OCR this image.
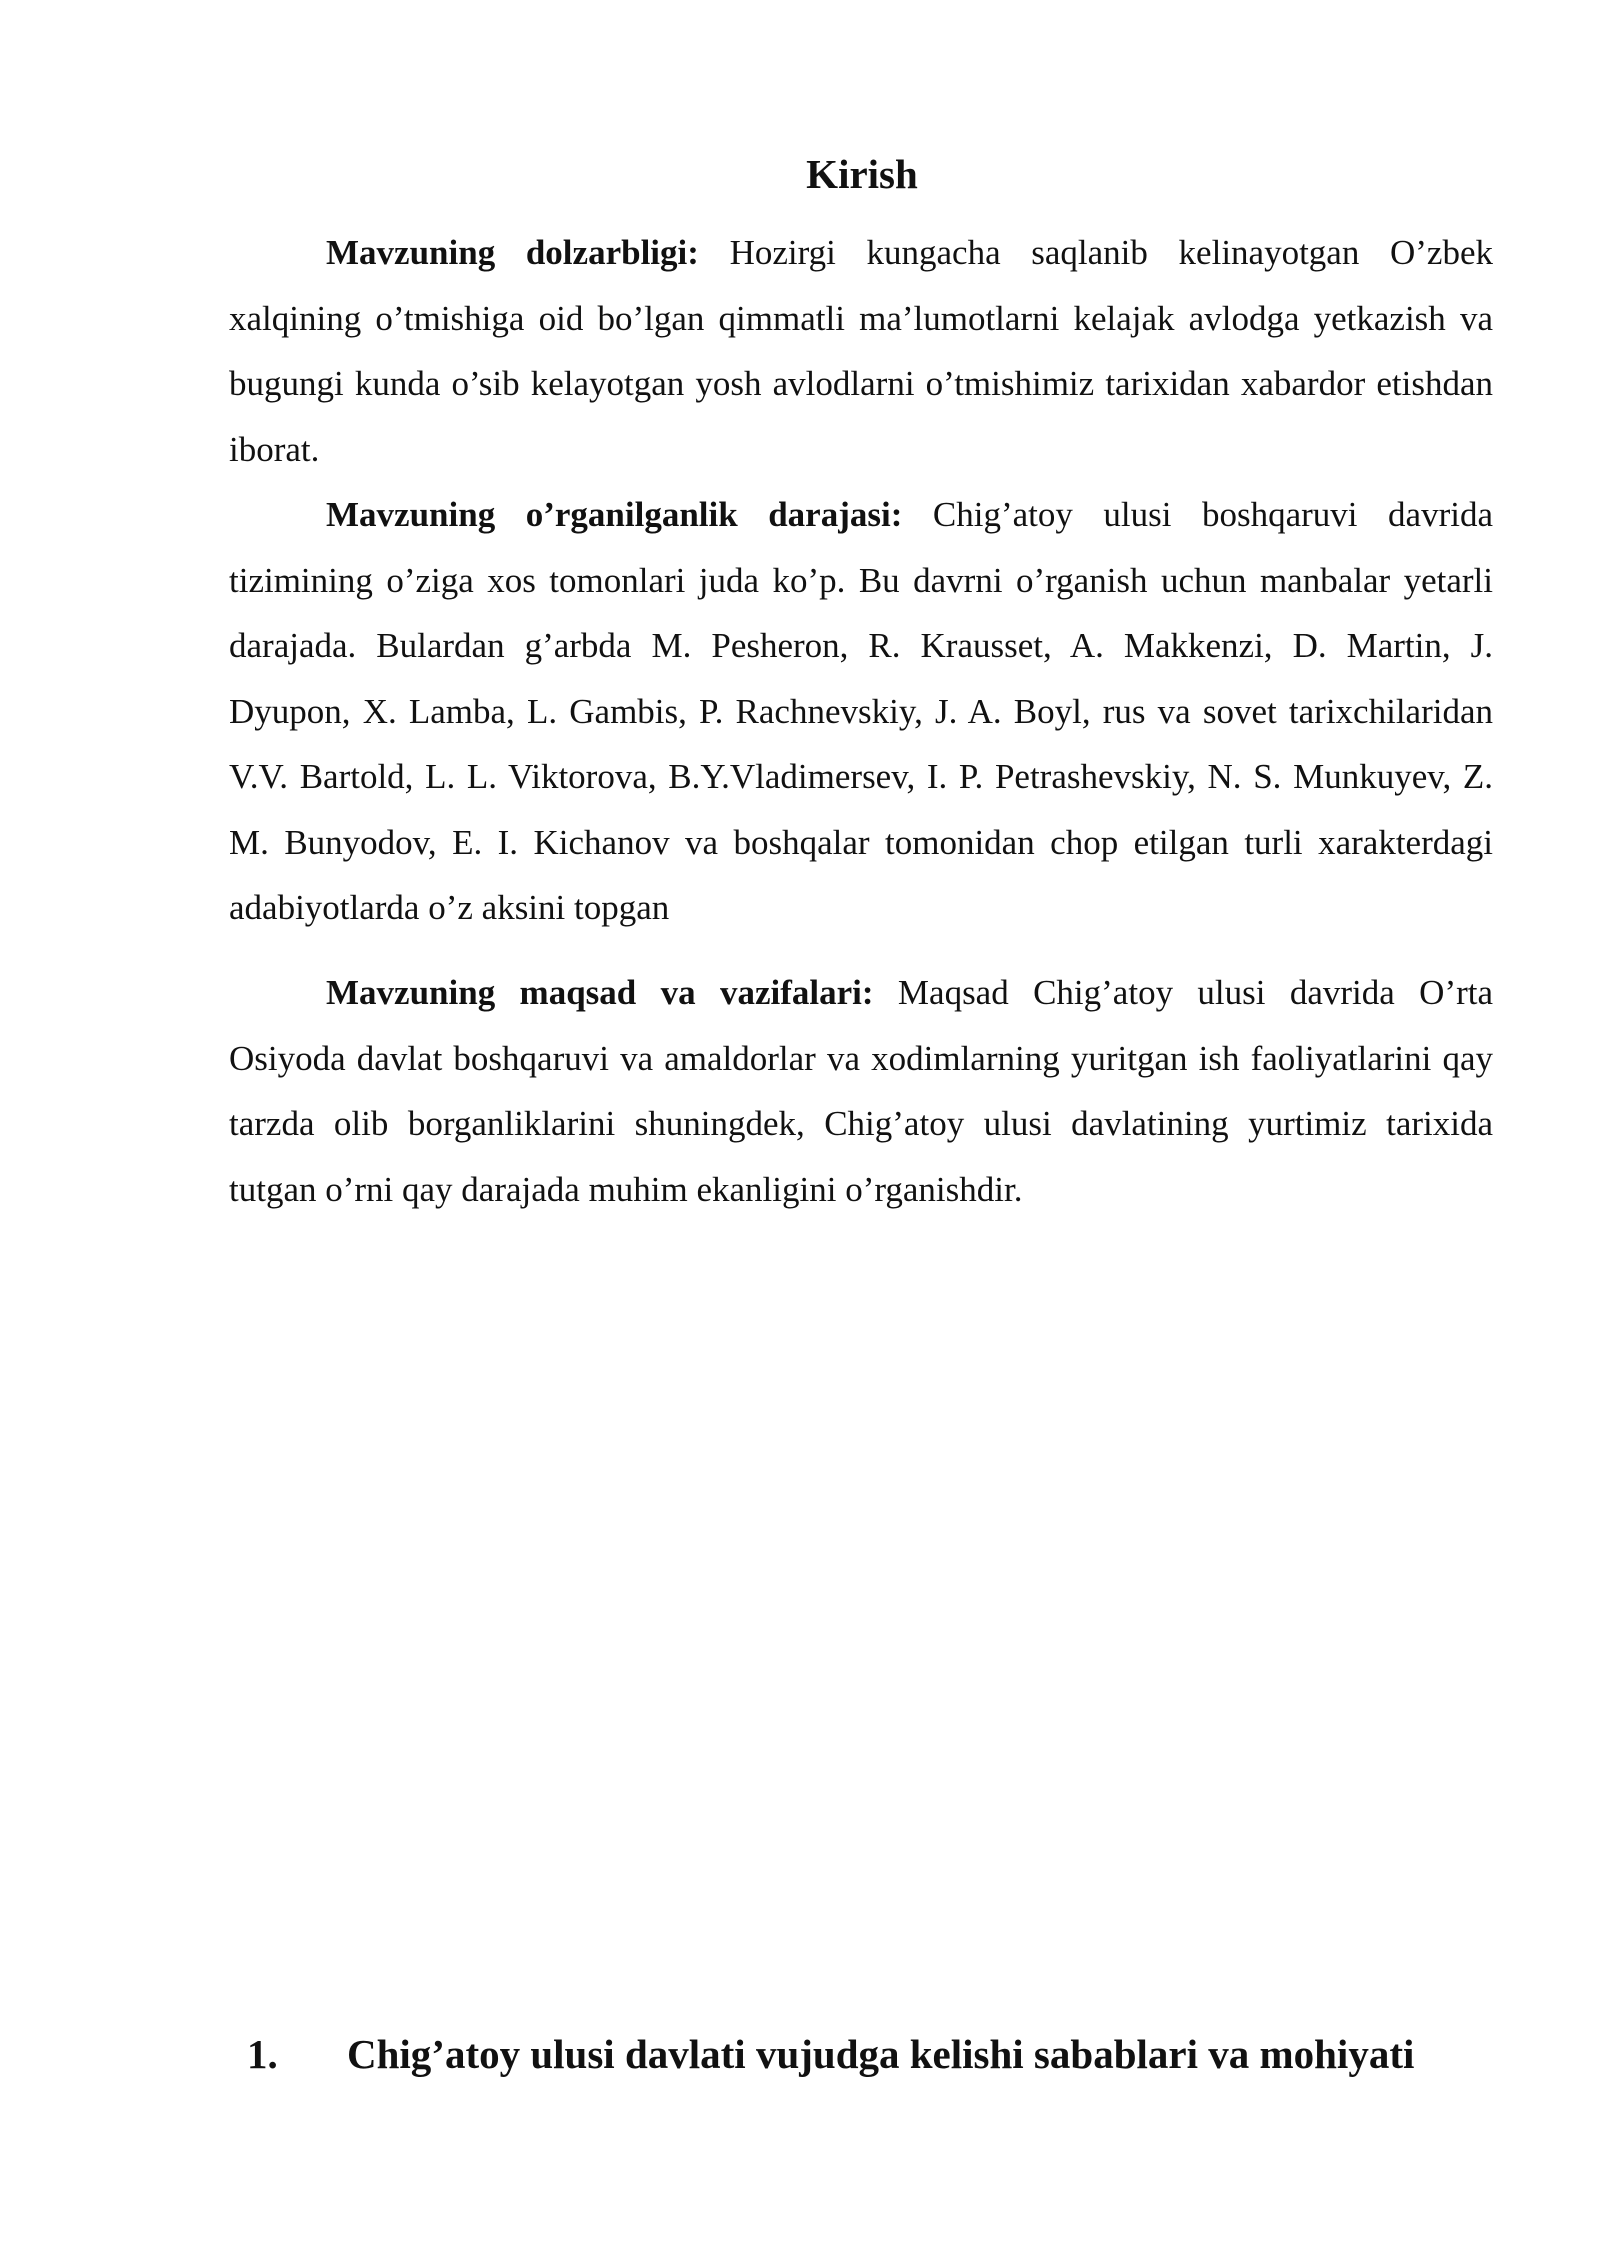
Kirish

Mavzuning dolzarbligi: Hozirgi kungacha saqlanib kelinayotgan O’zbek xalqining o’tmishiga oid bo’lgan qimmatli ma’lumotlarni kelajak avlodga yetkazish va bugungi kunda o’sib kelayotgan yosh avlodlarni o’tmishimiz tarixidan xabardor etishdan iborat.

Mavzuning o’rganilganlik darajasi: Chig’atoy ulusi boshqaruvi davrida tizimining o’ziga xos tomonlari juda ko’p. Bu davrni o’rganish uchun manbalar yetarli darajada. Bulardan g’arbda M. Pesheron, R. Krausset, A. Makkenzi, D. Martin, J. Dyupon, X. Lamba, L. Gambis, P. Rachnevskiy, J. A. Boyl, rus va sovet tarixchilaridan V.V. Bartold, L. L. Viktorova, B.Y.Vladimersev, I. P. Petrashevskiy, N. S. Munkuyev, Z. M. Bunyodov, E. I. Kichanov va boshqalar tomonidan chop etilgan turli xarakterdagi adabiyotlarda o’z aksini topgan

Mavzuning maqsad va vazifalari: Maqsad Chig’atoy ulusi davrida O’rta Osiyoda davlat boshqaruvi va amaldorlar va xodimlarning yuritgan ish faoliyatlarini qay tarzda olib borganliklarini shuningdek, Chig’atoy ulusi davlatining yurtimiz tarixida tutgan o’rni qay darajada muhim ekanligini o’rganishdir.

1. Chig’atoy ulusi davlati vujudga kelishi sabablari va mohiyati
